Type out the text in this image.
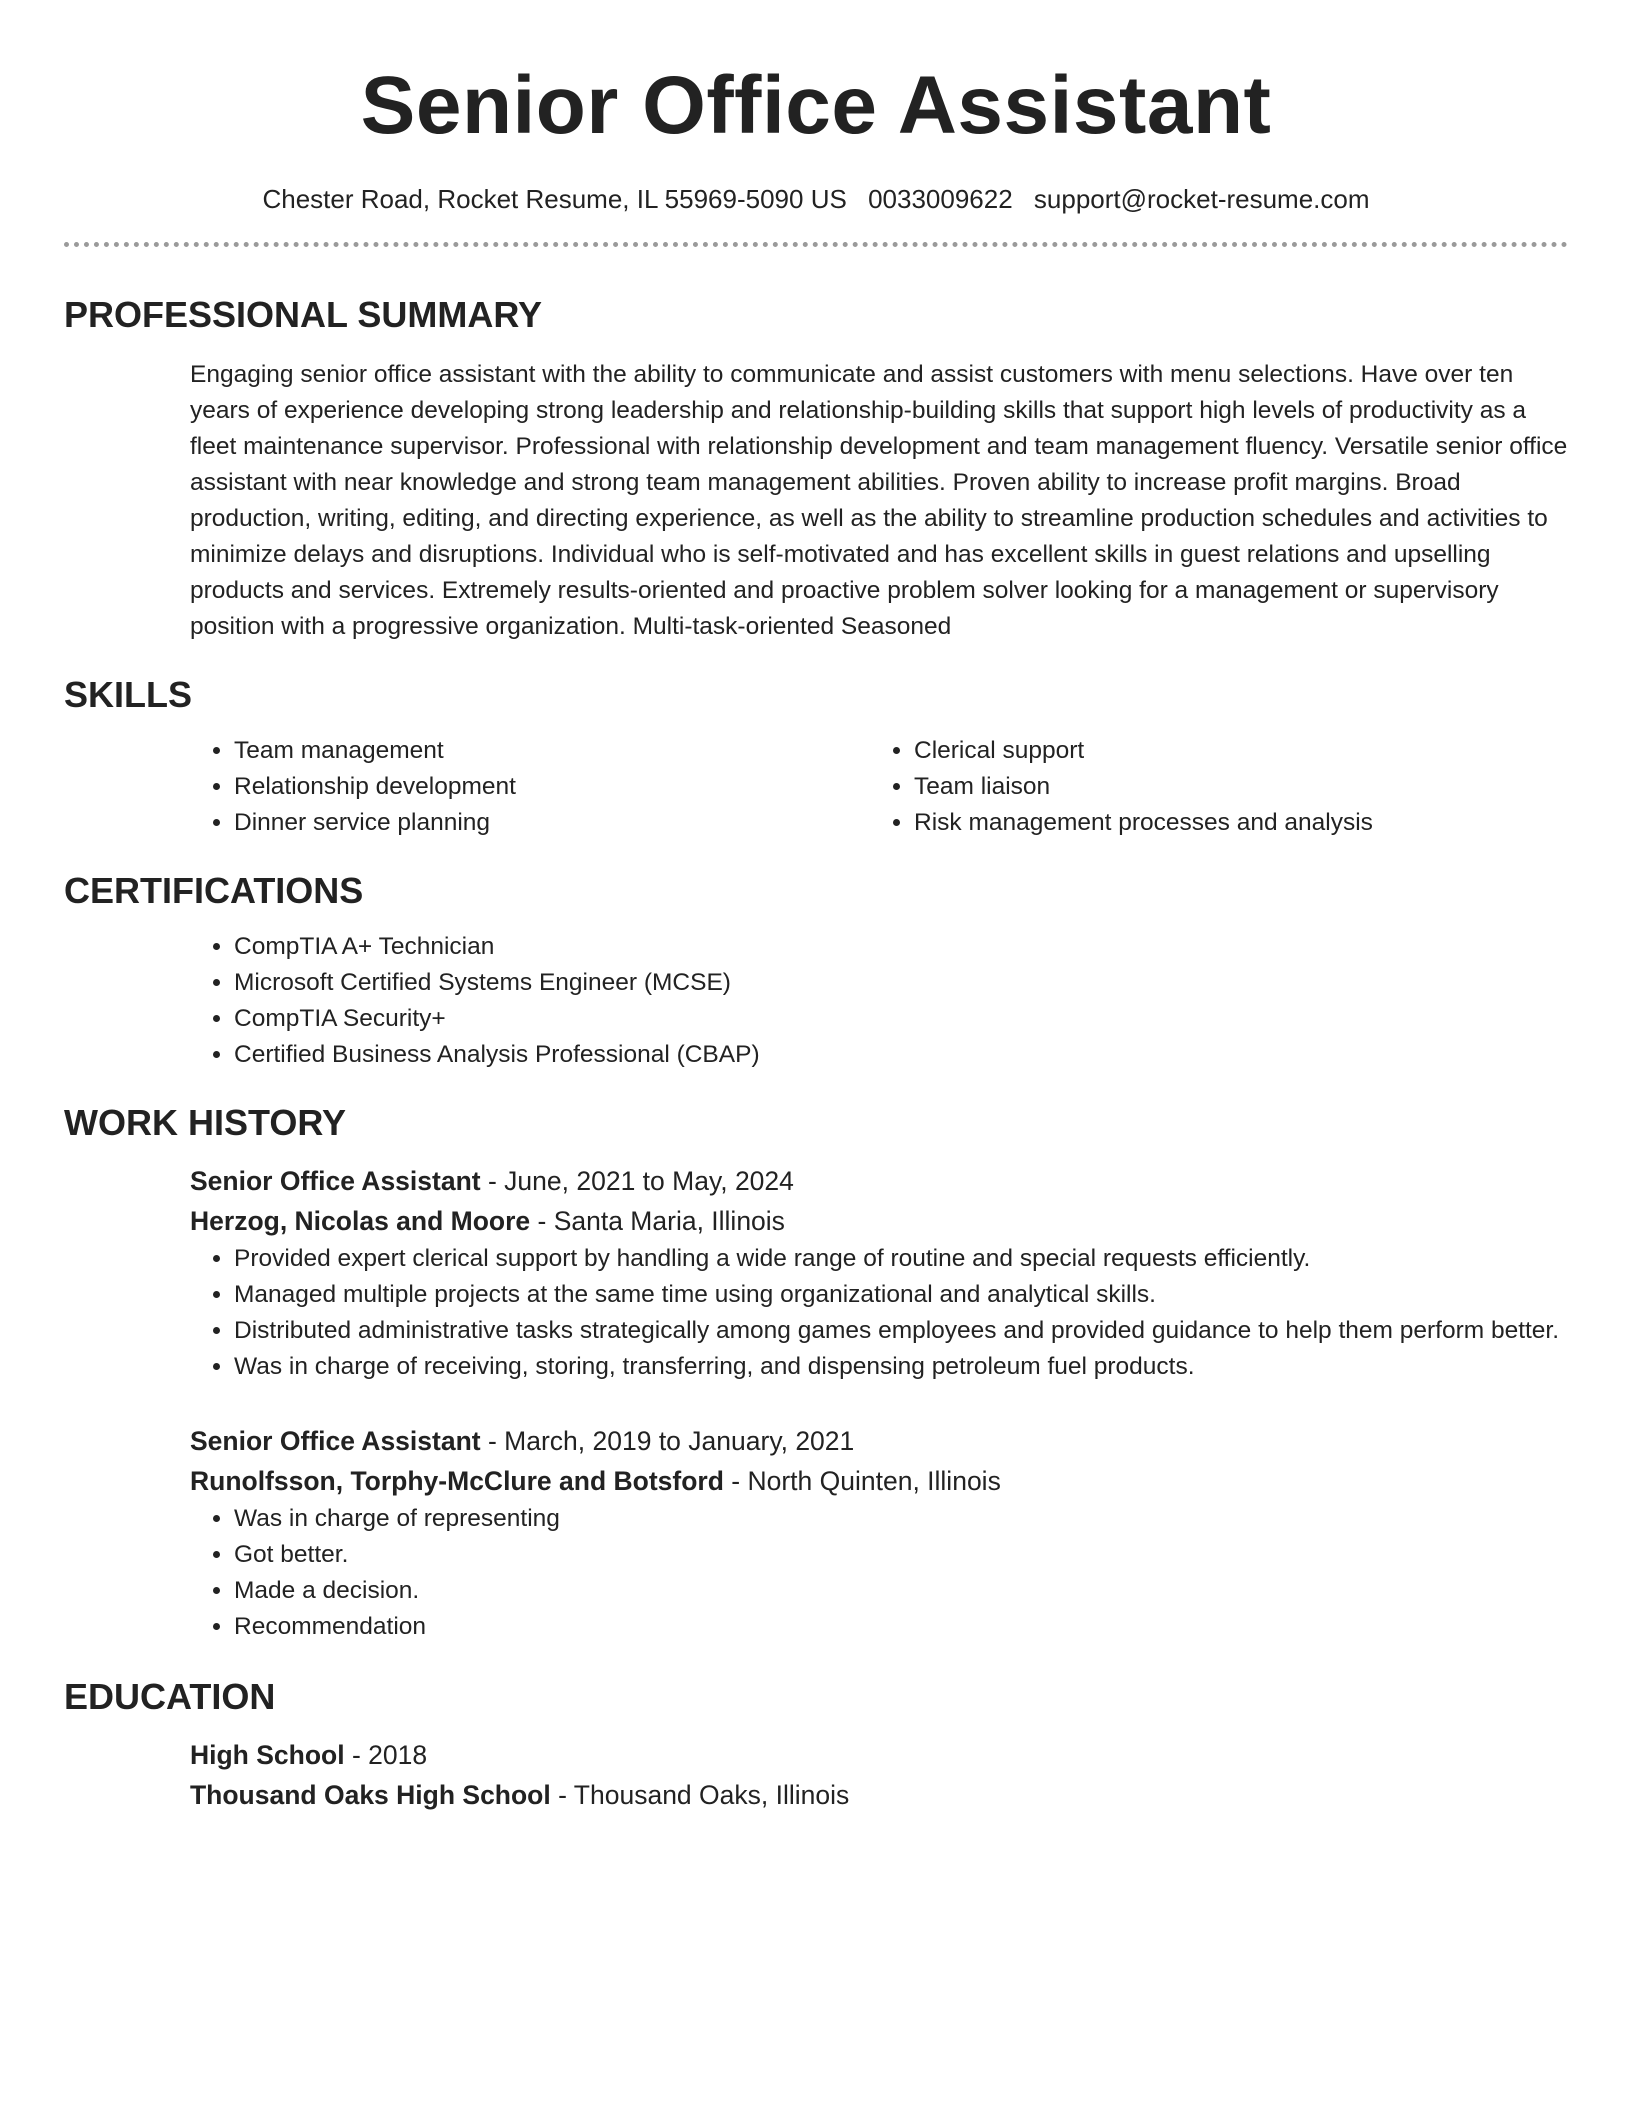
Senior Office Assistant
Chester Road, Rocket Resume, IL 55969-5090 US 0033009622 support@rocket-resume.com
PROFESSIONAL SUMMARY
Engaging senior office assistant with the ability to communicate and assist customers with menu selections. Have over ten years of experience developing strong leadership and relationship-building skills that support high levels of productivity as a fleet maintenance supervisor. Professional with relationship development and team management fluency. Versatile senior office assistant with near knowledge and strong team management abilities. Proven ability to increase profit margins. Broad production, writing, editing, and directing experience, as well as the ability to streamline production schedules and activities to minimize delays and disruptions. Individual who is self-motivated and has excellent skills in guest relations and upselling products and services. Extremely results-oriented and proactive problem solver looking for a management or supervisory position with a progressive organization. Multi-task-oriented Seasoned
SKILLS
• Team management
• Relationship development
• Dinner service planning
• Clerical support
• Team liaison
• Risk management processes and analysis
CERTIFICATIONS
• CompTIA A+ Technician
• Microsoft Certified Systems Engineer (MCSE)
• CompTIA Security+
• Certified Business Analysis Professional (CBAP)
WORK HISTORY
Senior Office Assistant - June, 2021 to May, 2024
Herzog, Nicolas and Moore - Santa Maria, Illinois
• Provided expert clerical support by handling a wide range of routine and special requests efficiently.
• Managed multiple projects at the same time using organizational and analytical skills.
• Distributed administrative tasks strategically among games employees and provided guidance to help them perform better.
• Was in charge of receiving, storing, transferring, and dispensing petroleum fuel products.
Senior Office Assistant - March, 2019 to January, 2021
Runolfsson, Torphy-McClure and Botsford - North Quinten, Illinois
• Was in charge of representing
• Got better.
• Made a decision.
• Recommendation
EDUCATION
High School - 2018
Thousand Oaks High School - Thousand Oaks, Illinois
